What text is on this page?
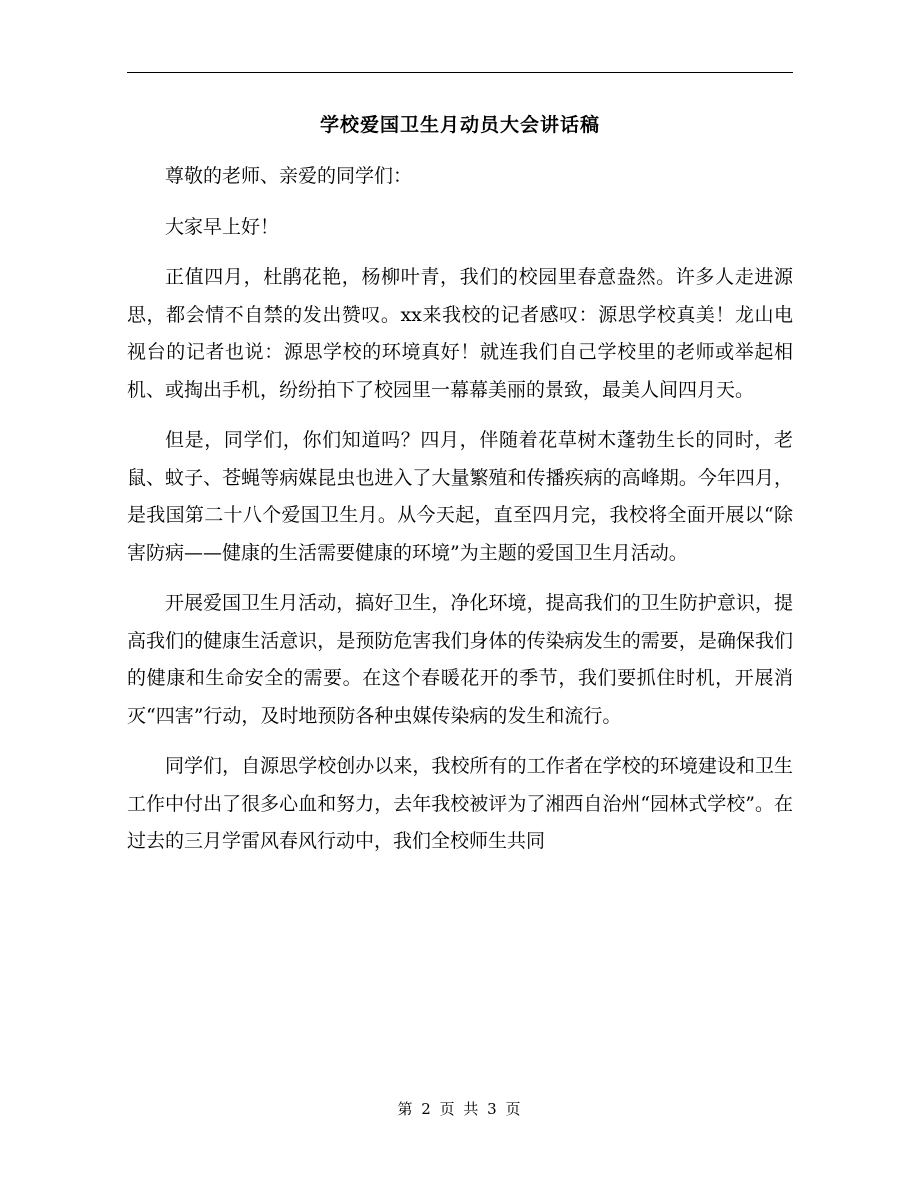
学校爱国卫生月动员大会讲话稿

尊敬的老师、亲爱的同学们：

大家早上好！

正值四月，杜鹃花艳，杨柳叶青，我们的校园里春意盎然。许多人走进源思，都会情不自禁的发出赞叹。xx来我校的记者感叹：源思学校真美！龙山电视台的记者也说：源思学校的环境真好！就连我们自己学校里的老师或举起相机、或掏出手机，纷纷拍下了校园里一幕幕美丽的景致，最美人间四月天。

但是，同学们，你们知道吗？四月，伴随着花草树木蓬勃生长的同时，老鼠、蚊子、苍蝇等病媒昆虫也进入了大量繁殖和传播疾病的高峰期。今年四月，是我国第二十八个爱国卫生月。从今天起，直至四月完，我校将全面开展以“除害防病——健康的生活需要健康的环境”为主题的爱国卫生月活动。

开展爱国卫生月活动，搞好卫生，净化环境，提高我们的卫生防护意识，提高我们的健康生活意识，是预防危害我们身体的传染病发生的需要，是确保我们的健康和生命安全的需要。在这个春暖花开的季节，我们要抓住时机，开展消灭“四害”行动，及时地预防各种虫媒传染病的发生和流行。

同学们，自源思学校创办以来，我校所有的工作者在学校的环境建设和卫生工作中付出了很多心血和努力，去年我校被评为了湘西自治州“园林式学校”。在过去的三月学雷风春风行动中，我们全校师生共同

第 2 页 共 3 页
